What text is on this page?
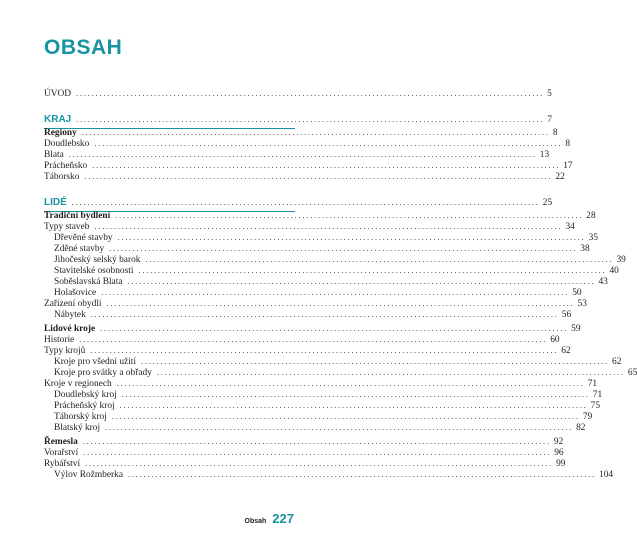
OBSAH
ÚVOD ........................................................................................................................ 5
KRAJ ........................................................................................................................ 7
Regiony ........................................................................................................................ 8
Doudlebsko ........................................................................................................................ 8
Blata ........................................................................................................................ 13
Prácheňsko ........................................................................................................................ 17
Táborsko ........................................................................................................................ 22
LIDÉ ........................................................................................................................ 25
Tradiční bydlení ........................................................................................................................ 28
Typy staveb ........................................................................................................................ 34
Dřevěné stavby ........................................................................................................................ 35
Zděné stavby ........................................................................................................................ 38
Jihočeský selský barok ........................................................................................................................ 39
Stavitelské osobnosti ........................................................................................................................ 40
Soběslavská Blata ........................................................................................................................ 43
Holašovice ........................................................................................................................ 50
Zařízení obydlí ........................................................................................................................ 53
Nábytek ........................................................................................................................ 56
Lidové kroje ........................................................................................................................ 59
Historie ........................................................................................................................ 60
Typy krojů ........................................................................................................................ 62
Kroje pro všední užití ........................................................................................................................ 62
Kroje pro svátky a obřady ........................................................................................................................ 65
Kroje v regionech ........................................................................................................................ 71
Doudlebský kroj ........................................................................................................................ 71
Prácheňský kroj ........................................................................................................................ 75
Táborský kroj ........................................................................................................................ 79
Blatský kroj ........................................................................................................................ 82
Řemesla ........................................................................................................................ 92
Vorařství ........................................................................................................................ 96
Rybářství ........................................................................................................................ 99
Výlov Rožmberka ........................................................................................................................ 104
Obsah 227
